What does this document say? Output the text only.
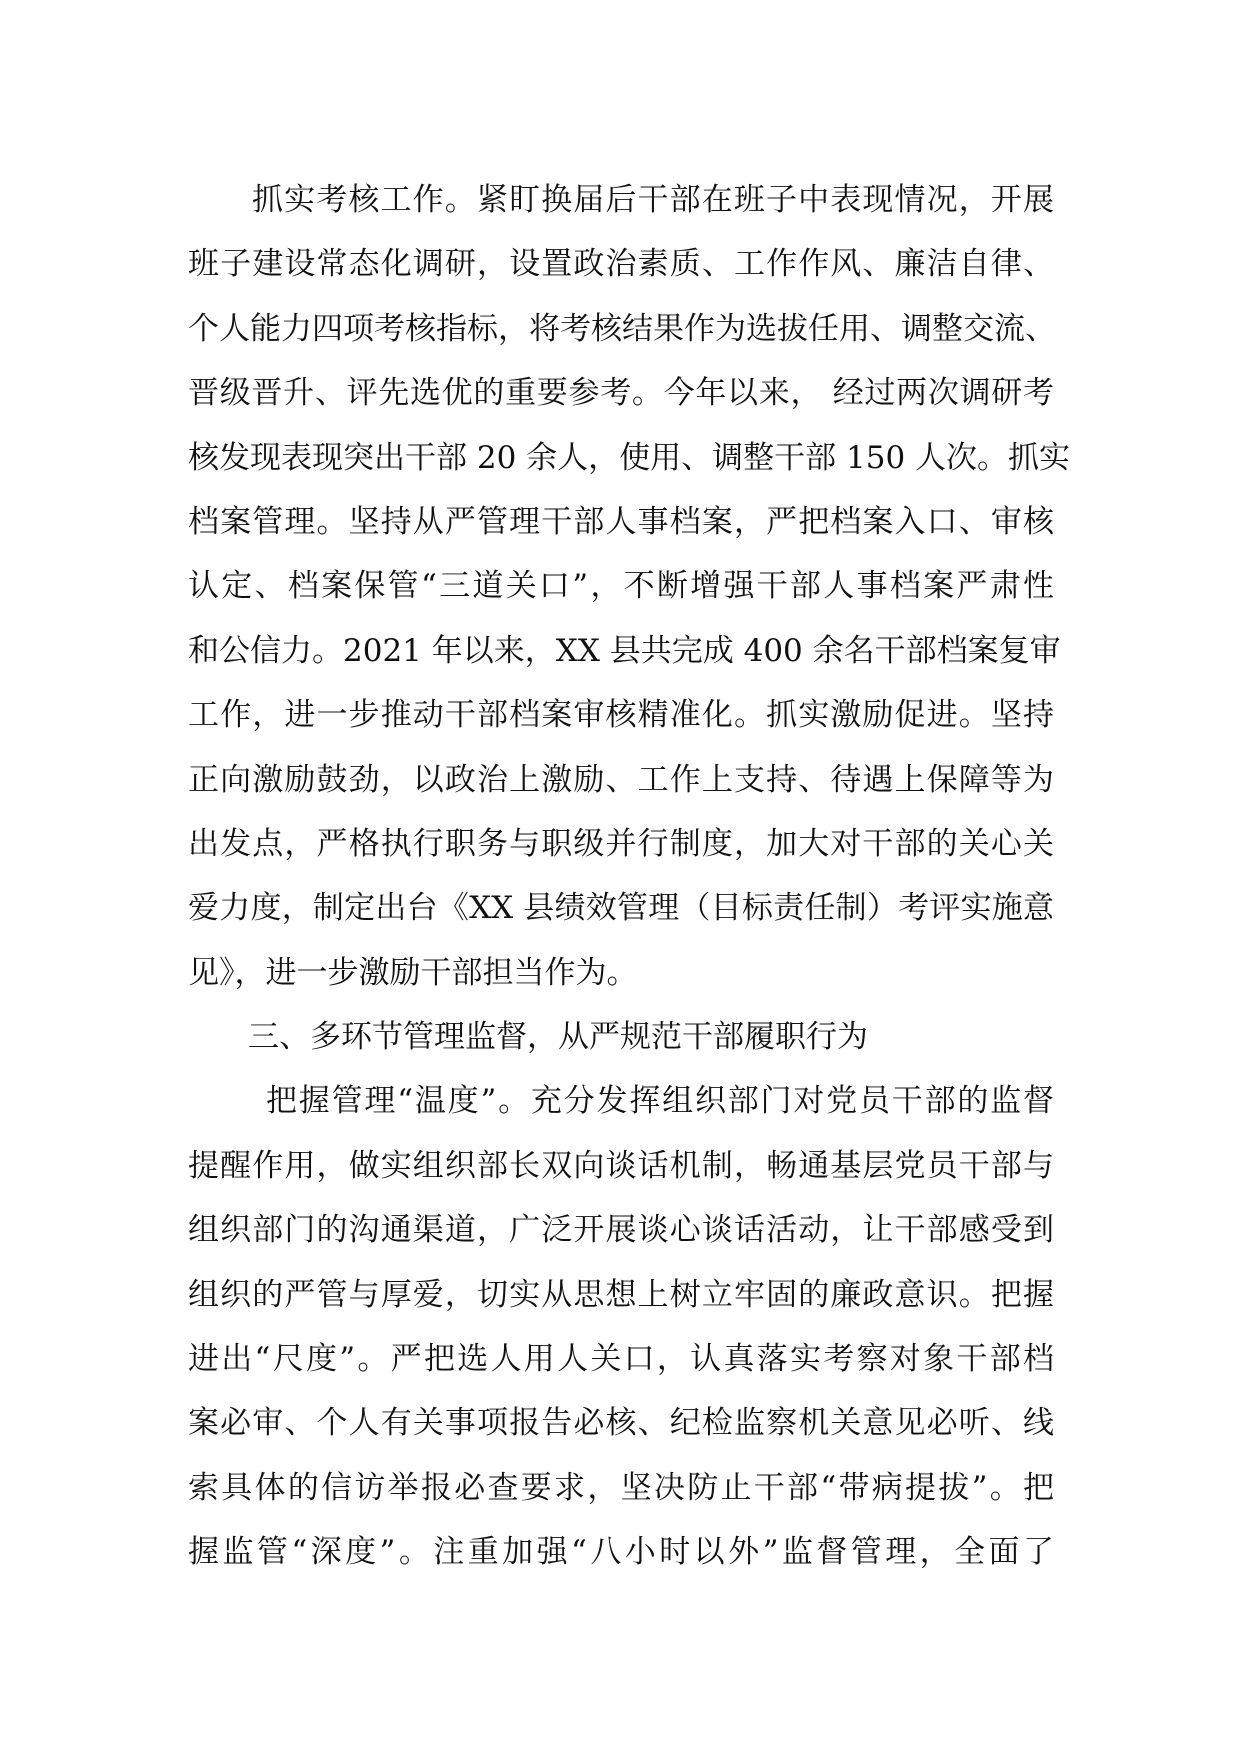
抓实考核工作。紧盯换届后干部在班子中表现情况，开展
班子建设常态化调研，设置政治素质、工作作风、廉洁自律、
个人能力四项考核指标，将考核结果作为选拔任用、调整交流、
晋级晋升、评先选优的重要参考。今年以来， 经过两次调研考
核发现表现突出干部 20 余人，使用、调整干部 150 人次。抓实
档案管理。坚持从严管理干部人事档案，严把档案入口、审核
认定、档案保管“三道关口”，不断增强干部人事档案严肃性
和公信力。2021 年以来，XX 县共完成 400 余名干部档案复审
工作，进一步推动干部档案审核精准化。抓实激励促进。坚持
正向激励鼓劲，以政治上激励、工作上支持、待遇上保障等为
出发点，严格执行职务与职级并行制度，加大对干部的关心关
爱力度，制定出台《XX 县绩效管理（目标责任制）考评实施意
见》，进一步激励干部担当作为。
三、多环节管理监督，从严规范干部履职行为
把握管理“温度”。充分发挥组织部门对党员干部的监督
提醒作用，做实组织部长双向谈话机制，畅通基层党员干部与
组织部门的沟通渠道，广泛开展谈心谈话活动，让干部感受到
组织的严管与厚爱，切实从思想上树立牢固的廉政意识。把握
进出“尺度”。严把选人用人关口，认真落实考察对象干部档
案必审、个人有关事项报告必核、纪检监察机关意见必听、线
索具体的信访举报必查要求，坚决防止干部“带病提拔”。把
握监管“深度”。注重加强“八小时以外”监督管理，全面了
